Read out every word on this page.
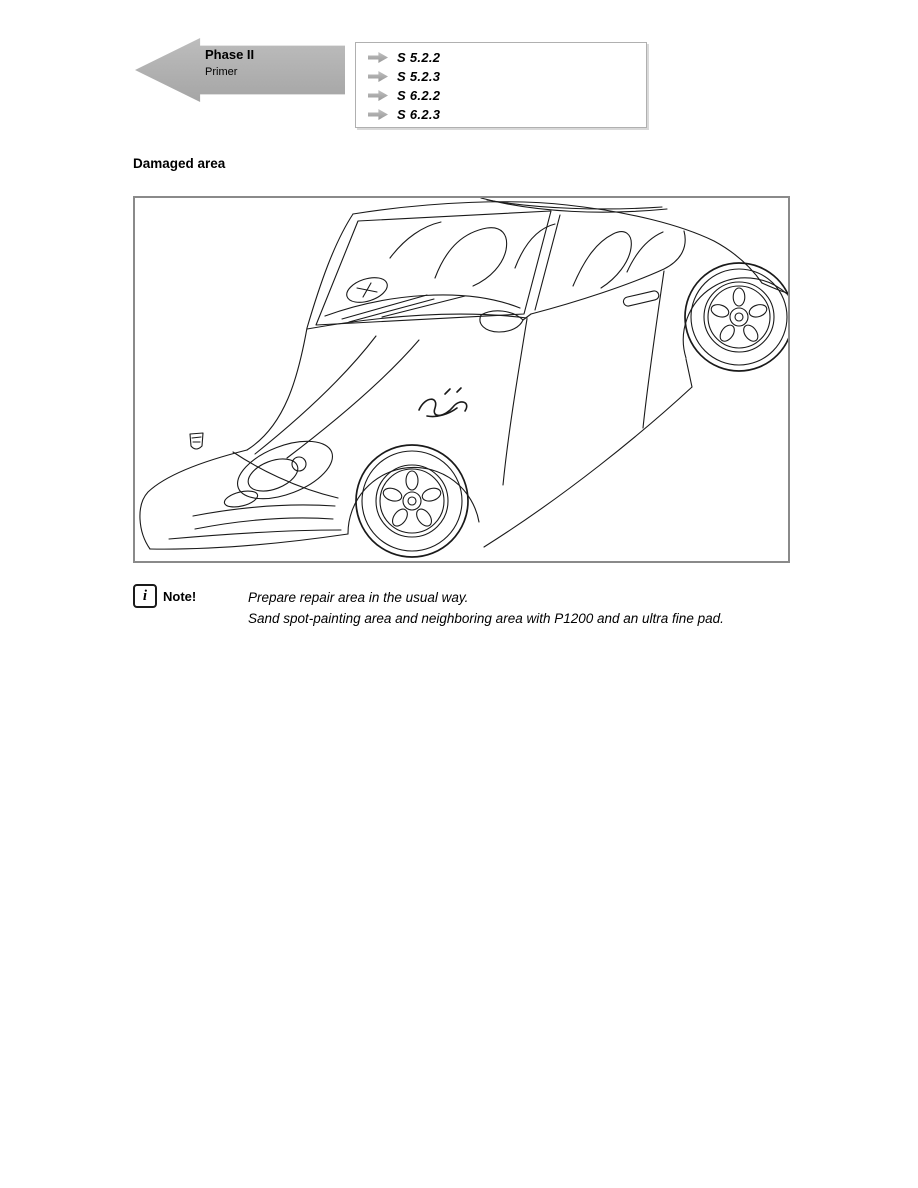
Phase II
Primer
S 5.2.2
S 5.2.3
S 6.2.2
S 6.2.3
Damaged area
i	Note!	Prepare repair area in the usual way.
Sand spot-painting area and neighboring area with P1200 and an ultra fine pad.
